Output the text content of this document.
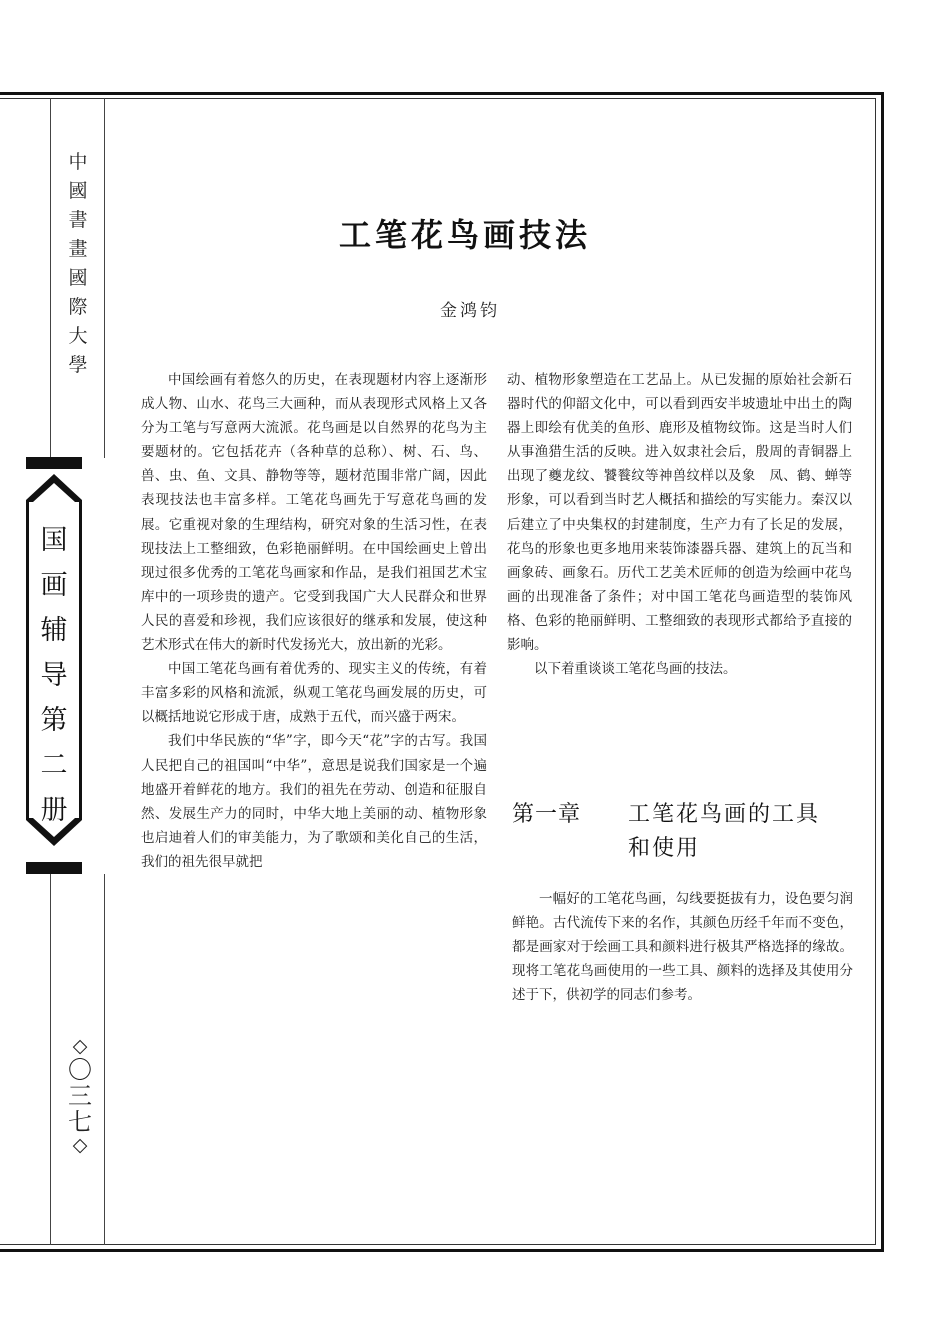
中
國
書
畫
國
際
大
學
国
画
辅
导
第
二
册
◇
〇
三
七
◇
工笔花鸟画技法
金鸿钧

中国绘画有着悠久的历史，在表现题材内容上逐渐形成人物、山水、花鸟三大画种，而从表现形式风格上又各分为工笔与写意两大流派。花鸟画是以自然界的花鸟为主要题材的。它包括花卉（各种草的总称）、树、石、鸟、兽、虫、鱼、文具、静物等等，题材范围非常广阔，因此表现技法也丰富多样。工笔花鸟画先于写意花鸟画的发展。它重视对象的生理结构，研究对象的生活习性，在表现技法上工整细致，色彩艳丽鲜明。在中国绘画史上曾出现过很多优秀的工笔花鸟画家和作品，是我们祖国艺术宝库中的一项珍贵的遗产。它受到我国广大人民群众和世界人民的喜爱和珍视，我们应该很好的继承和发展，使这种艺术形式在伟大的新时代发扬光大，放出新的光彩。

中国工笔花鸟画有着优秀的、现实主义的传统，有着丰富多彩的风格和流派，纵观工笔花鸟画发展的历史，可以概括地说它形成于唐，成熟于五代，而兴盛于两宋。

我们中华民族的“华”字，即今天“花”字的古写。我国人民把自己的祖国叫“中华”，意思是说我们国家是一个遍地盛开着鲜花的地方。我们的祖先在劳动、创造和征服自然、发展生产力的同时，中华大地上美丽的动、植物形象也启迪着人们的审美能力，为了歌颂和美化自己的生活，我们的祖先很早就把

动、植物形象塑造在工艺品上。从已发掘的原始社会新石器时代的仰韶文化中，可以看到西安半坡遗址中出土的陶器上即绘有优美的鱼形、鹿形及植物纹饰。这是当时人们从事渔猎生活的反映。进入奴隶社会后，殷周的青铜器上出现了夔龙纹、饕餮纹等神兽纹样以及象　凤、鹤、蝉等形象，可以看到当时艺人概括和描绘的写实能力。秦汉以后建立了中央集权的封建制度，生产力有了长足的发展，花鸟的形象也更多地用来装饰漆器兵器、建筑上的瓦当和画象砖、画象石。历代工艺美术匠师的创造为绘画中花鸟画的出现准备了条件；对中国工笔花鸟画造型的装饰风格、色彩的艳丽鲜明、工整细致的表现形式都给予直接的影响。

以下着重谈谈工笔花鸟画的技法。

第一章 工笔花鸟画的工具和使用

一幅好的工笔花鸟画，勾线要挺拔有力，设色要匀润鲜艳。古代流传下来的名作，其颜色历经千年而不变色，都是画家对于绘画工具和颜料进行极其严格选择的缘故。现将工笔花鸟画使用的一些工具、颜料的选择及其使用分述于下，供初学的同志们参考。
